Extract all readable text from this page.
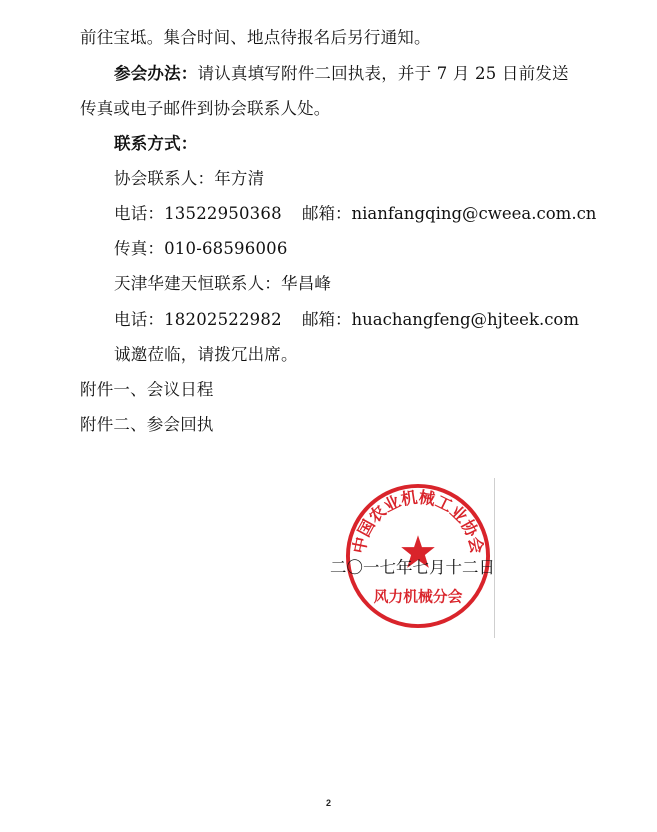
前往宝坻。集合时间、地点待报名后另行通知。
参会办法：请认真填写附件二回执表，并于 7 月 25 日前发送
传真或电子邮件到协会联系人处。
联系方式：
协会联系人：年方清
电话：13522950368 邮箱：nianfangqing@cweea.com.cn
传真：010-68596006
天津华建天恒联系人：华昌峰
电话：18202522982 邮箱：huachangfeng@hjteek.com
诚邀莅临，请拨冗出席。
附件一、会议日程
附件二、参会回执
中国农业机械工业协会
风力机械分会
二〇一七年七月十二日
2
